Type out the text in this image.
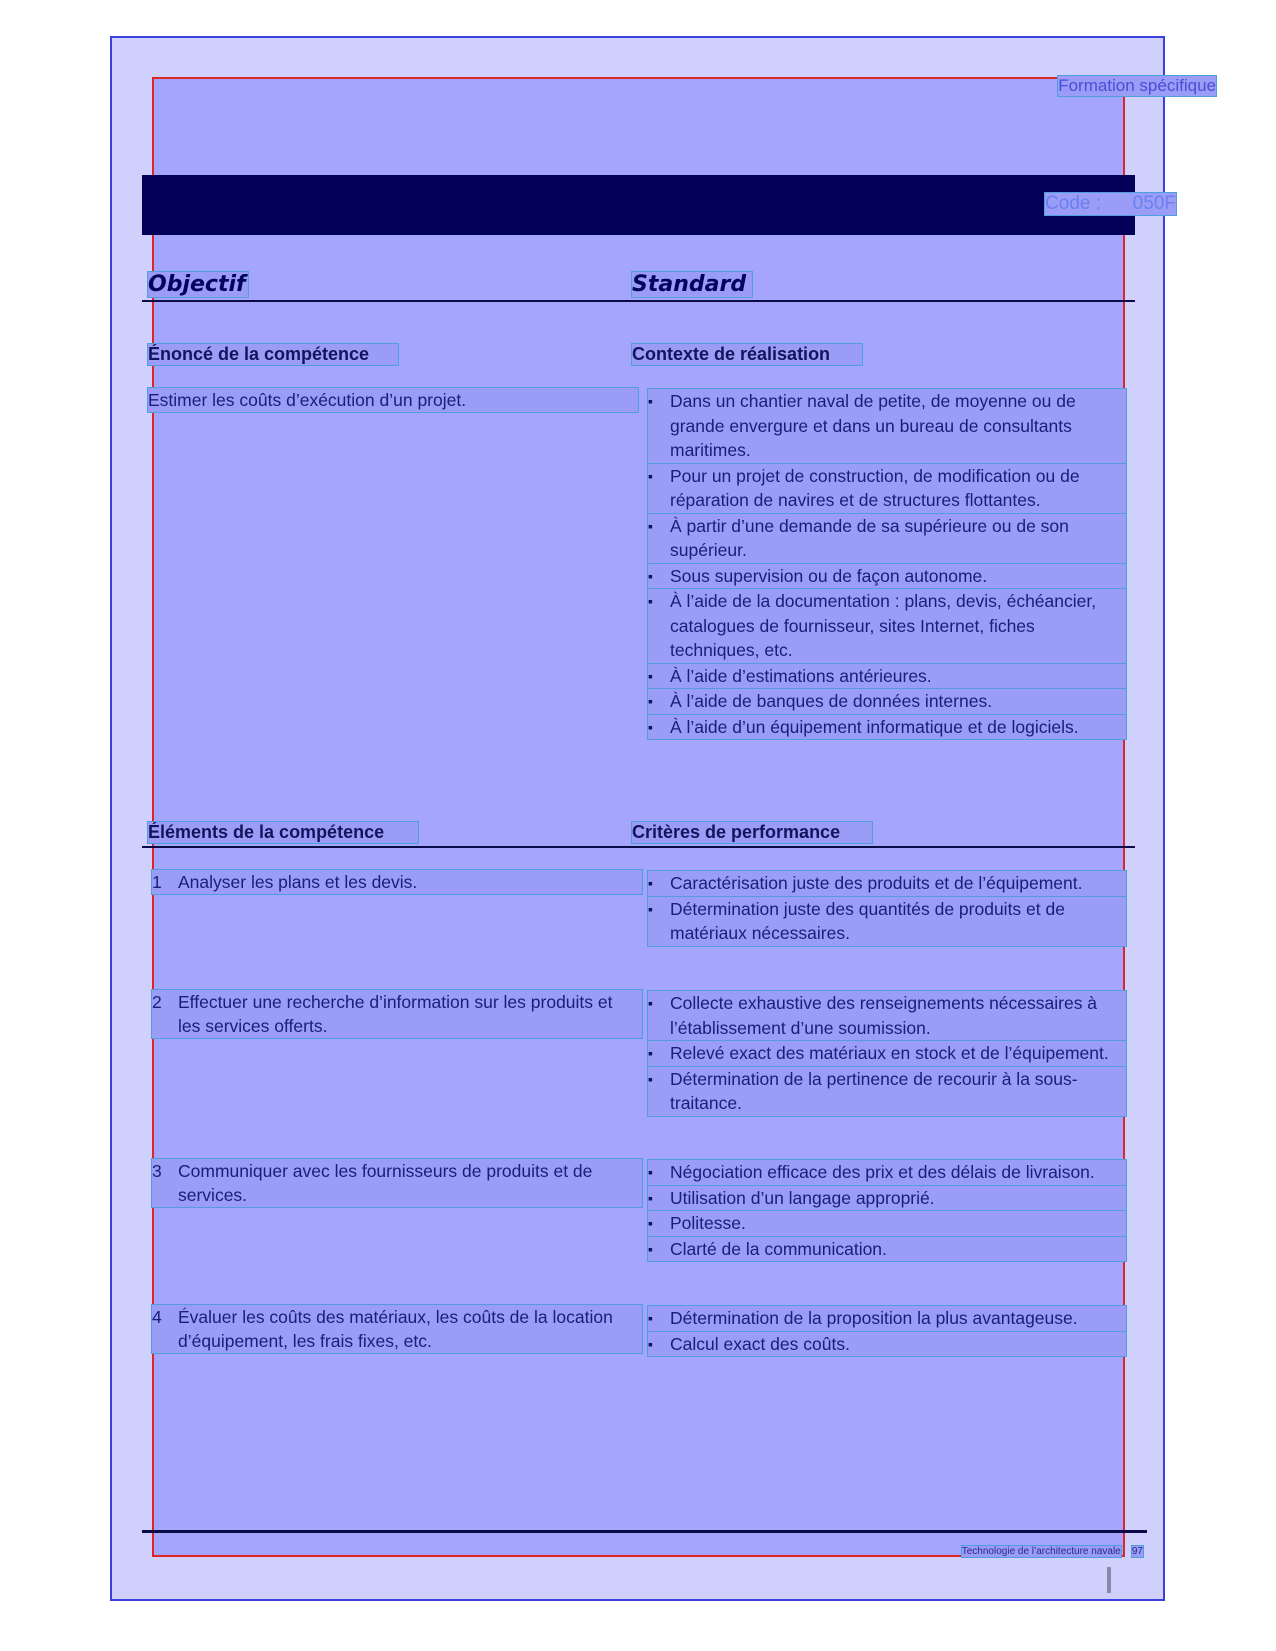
Formation spécifique
Code :      050F
Objectif	Standard
Énoncé de la compétence	Contexte de réalisation
Estimer les coûts d’exécution d’un projet.	▪ Dans un chantier naval de petite, de moyenne ou de grande envergure et dans un bureau de consultants maritimes.
▪ Pour un projet de construction, de modification ou de réparation de navires et de structures flottantes.
▪ À partir d’une demande de sa supérieure ou de son supérieur.
▪ Sous supervision ou de façon autonome.
▪ À l’aide de la documentation : plans, devis, échéancier, catalogues de fournisseur, sites Internet, fiches techniques, etc.
▪ À l’aide d’estimations antérieures.
▪ À l’aide de banques de données internes.
▪ À l’aide d’un équipement informatique et de logiciels.
Éléments de la compétence	Critères de performance
1 Analyser les plans et les devis.	▪ Caractérisation juste des produits et de l’équipement.
▪ Détermination juste des quantités de produits et de matériaux nécessaires.
2 Effectuer une recherche d’information sur les produits et les services offerts.
▪ Collecte exhaustive des renseignements nécessaires à l’établissement d’une soumission.
▪ Relevé exact des matériaux en stock et de l’équipement.
▪ Détermination de la pertinence de recourir à la sous-traitance.
3 Communiquer avec les fournisseurs de produits et de services.
▪ Négociation efficace des prix et des délais de livraison.
▪ Utilisation d’un langage approprié.
▪ Politesse.
▪ Clarté de la communication.
4 Évaluer les coûts des matériaux, les coûts de la location d’équipement, les frais fixes, etc.
▪ Détermination de la proposition la plus avantageuse.
▪ Calcul exact des coûts.
Technologie de l’architecture navale 97
